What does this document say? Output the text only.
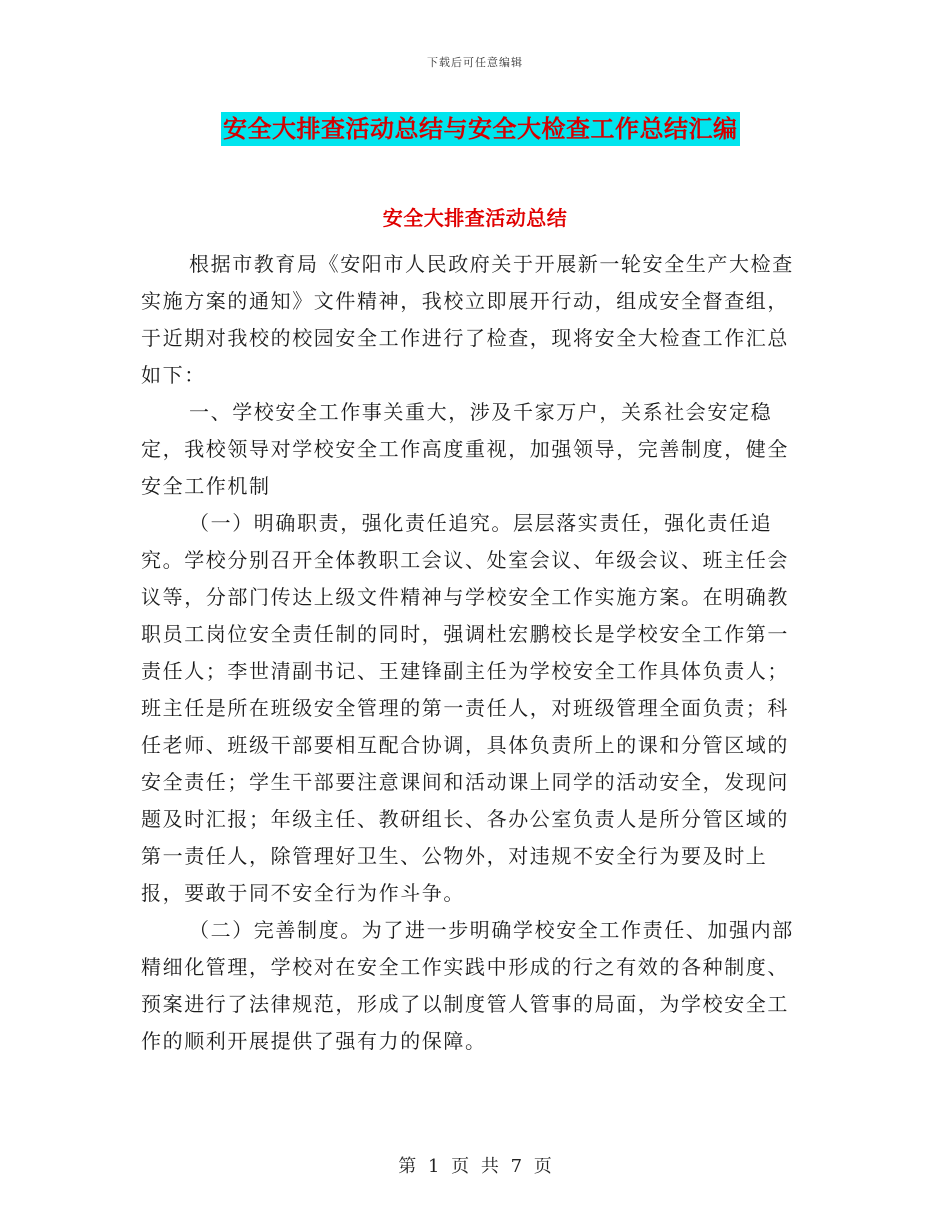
下载后可任意编辑
安全大排查活动总结与安全大检查工作总结汇编
安全大排查活动总结

根据市教育局《安阳市人民政府关于开展新一轮安全生产大检查实施方案的通知》文件精神，我校立即展开行动，组成安全督查组，于近期对我校的校园安全工作进行了检查，现将安全大检查工作汇总如下：

一、学校安全工作事关重大，涉及千家万户，关系社会安定稳定，我校领导对学校安全工作高度重视，加强领导，完善制度，健全安全工作机制

（一）明确职责，强化责任追究。层层落实责任，强化责任追究。学校分别召开全体教职工会议、处室会议、年级会议、班主任会议等，分部门传达上级文件精神与学校安全工作实施方案。在明确教职员工岗位安全责任制的同时，强调杜宏鹏校长是学校安全工作第一责任人；李世清副书记、王建锋副主任为学校安全工作具体负责人；班主任是所在班级安全管理的第一责任人，对班级管理全面负责；科任老师、班级干部要相互配合协调，具体负责所上的课和分管区域的安全责任；学生干部要注意课间和活动课上同学的活动安全，发现问题及时汇报；年级主任、教研组长、各办公室负责人是所分管区域的第一责任人，除管理好卫生、公物外，对违规不安全行为要及时上报，要敢于同不安全行为作斗争。

（二）完善制度。为了进一步明确学校安全工作责任、加强内部精细化管理，学校对在安全工作实践中形成的行之有效的各种制度、预案进行了法律规范，形成了以制度管人管事的局面，为学校安全工作的顺利开展提供了强有力的保障。

第 1 页 共 7 页
